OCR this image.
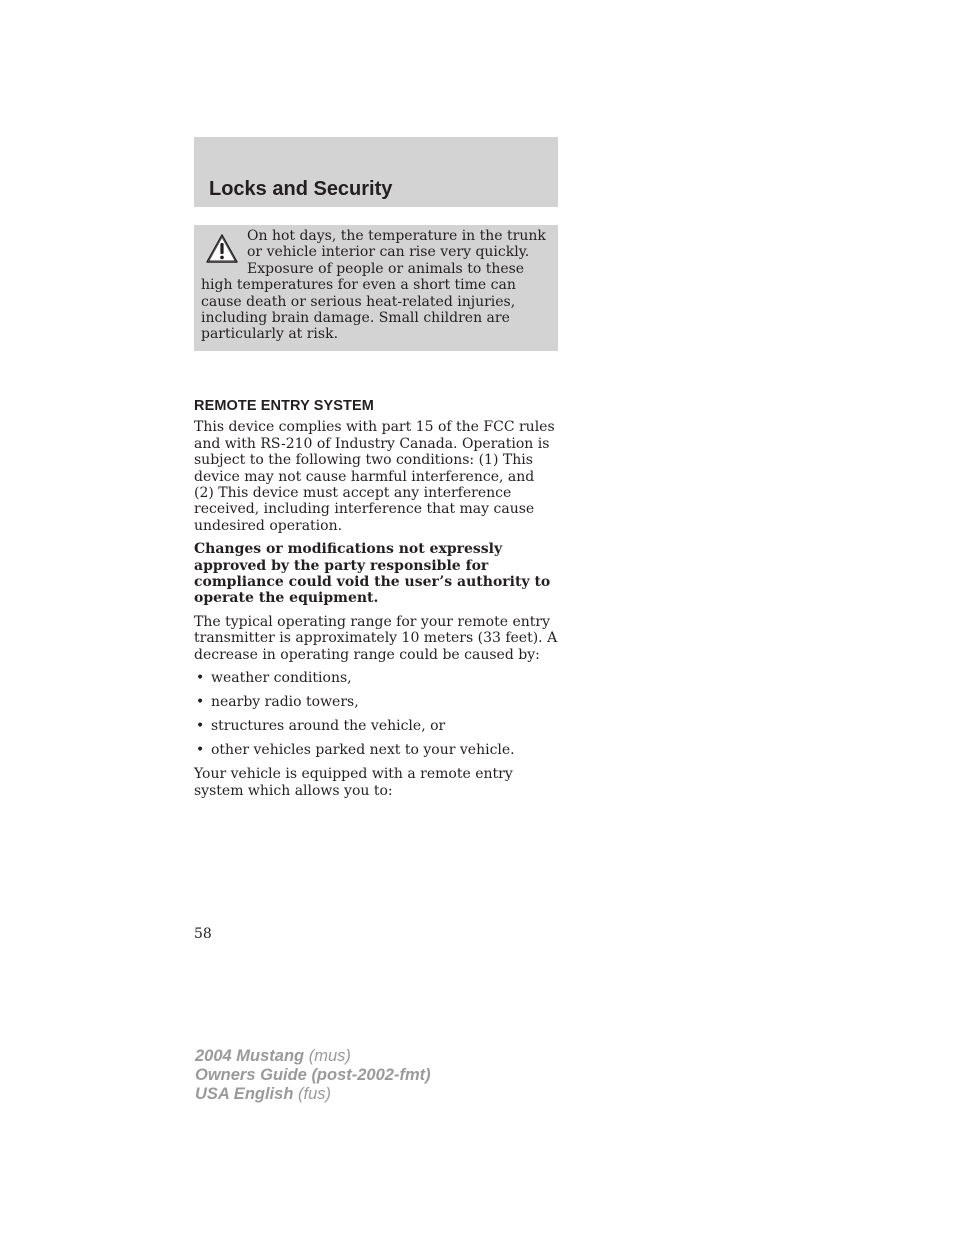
Locks and Security

On hot days, the temperature in the trunk or vehicle interior can rise very quickly. Exposure of people or animals to these high temperatures for even a short time can cause death or serious heat-related injuries, including brain damage. Small children are particularly at risk.

REMOTE ENTRY SYSTEM

This device complies with part 15 of the FCC rules and with RS-210 of Industry Canada. Operation is subject to the following two conditions: (1) This device may not cause harmful interference, and (2) This device must accept any interference received, including interference that may cause undesired operation.

Changes or modifications not expressly approved by the party responsible for compliance could void the user’s authority to operate the equipment.

The typical operating range for your remote entry transmitter is approximately 10 meters (33 feet). A decrease in operating range could be caused by:

• weather conditions,
• nearby radio towers,
• structures around the vehicle, or
• other vehicles parked next to your vehicle.

Your vehicle is equipped with a remote entry system which allows you to:

58
2004 Mustang (mus)
Owners Guide (post-2002-fmt)
USA English (fus)
